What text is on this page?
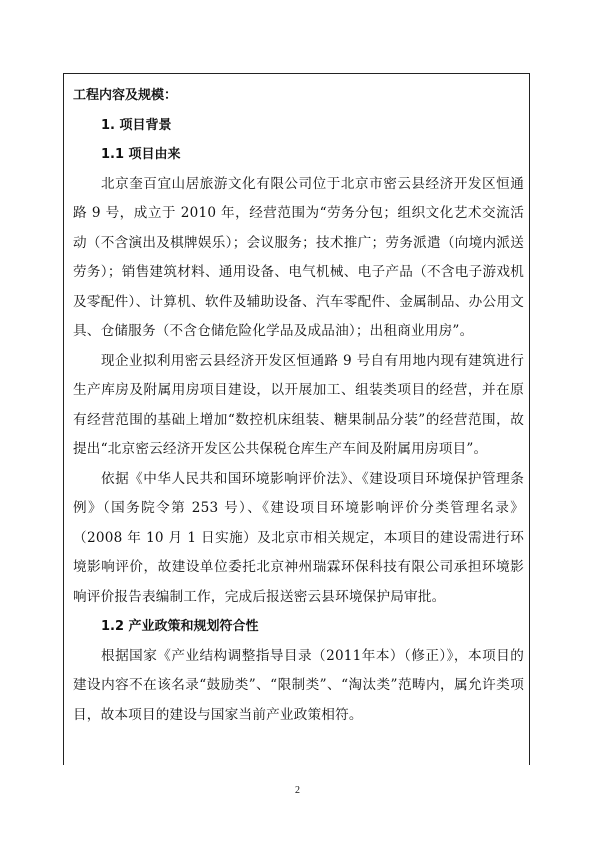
工程内容及规模：

1. 项目背景

1.1 项目由来

北京奎百宜山居旅游文化有限公司位于北京市密云县经济开发区恒通路 9 号，成立于 2010 年，经营范围为“劳务分包；组织文化艺术交流活动（不含演出及棋牌娱乐）；会议服务；技术推广；劳务派遣（向境内派送劳务）；销售建筑材料、通用设备、电气机械、电子产品（不含电子游戏机及零配件）、计算机、软件及辅助设备、汽车零配件、金属制品、办公用文具、仓储服务（不含仓储危险化学品及成品油）；出租商业用房”。

现企业拟利用密云县经济开发区恒通路 9 号自有用地内现有建筑进行生产库房及附属用房项目建设，以开展加工、组装类项目的经营，并在原有经营范围的基础上增加“数控机床组装、糖果制品分装”的经营范围，故提出“北京密云经济开发区公共保税仓库生产车间及附属用房项目”。

依据《中华人民共和国环境影响评价法》、《建设项目环境保护管理条例》（国务院令第 253 号）、《建设项目环境影响评价分类管理名录》（2008 年 10 月 1 日实施）及北京市相关规定，本项目的建设需进行环境影响评价，故建设单位委托北京神州瑞霖环保科技有限公司承担环境影响评价报告表编制工作，完成后报送密云县环境保护局审批。

1.2 产业政策和规划符合性

根据国家《产业结构调整指导目录（2011年本）（修正）》，本项目的建设内容不在该名录“鼓励类”、“限制类”、“淘汰类”范畴内，属允许类项目，故本项目的建设与国家当前产业政策相符。

2
